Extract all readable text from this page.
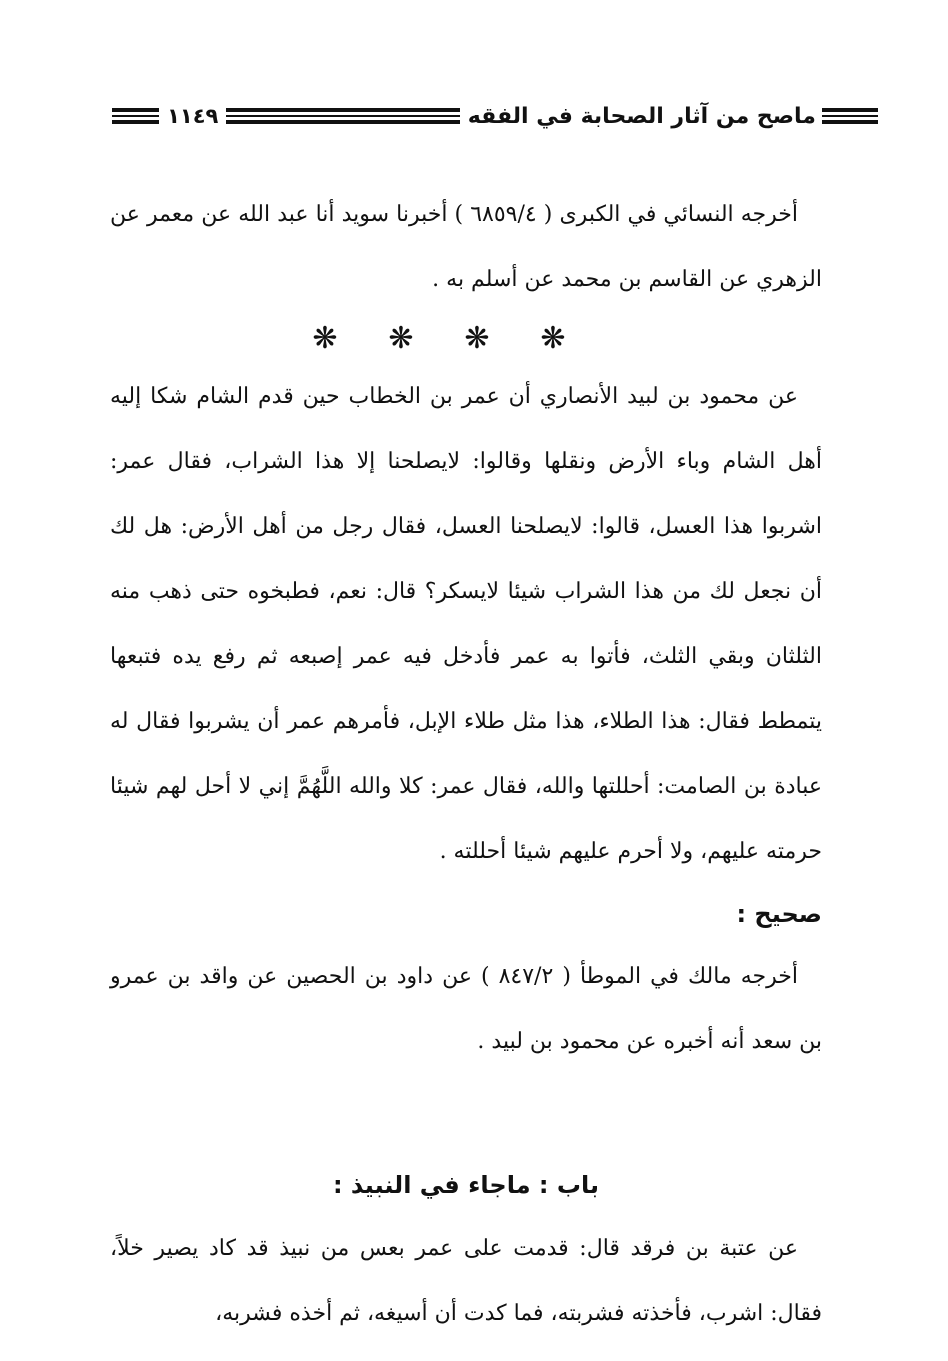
ماصح من آثار الصحابة في الفقه
١١٤٩

أخرجه النسائي في الكبرى ( ٦٨٥٩/٤ ) أخبرنا سويد أنا عبد الله عن معمر عن الزهري عن القاسم بن محمد عن أسلم به .

❋
❋
❋
❋

عن محمود بن لبيد الأنصاري أن عمر بن الخطاب حين قدم الشام شكا إليه أهل الشام وباء الأرض ونقلها وقالوا: لايصلحنا إلا هذا الشراب، فقال عمر: اشربوا هذا العسل، قالوا: لايصلحنا العسل، فقال رجل من أهل الأرض: هل لك أن نجعل لك من هذا الشراب شيئا لايسكر؟ قال: نعم، فطبخوه حتى ذهب منه الثلثان وبقي الثلث، فأتوا به عمر فأدخل فيه عمر إصبعه ثم رفع يده فتبعها يتمطط فقال: هذا الطلاء، هذا مثل طلاء الإبل، فأمرهم عمر أن يشربوا فقال له عبادة بن الصامت: أحللتها والله، فقال عمر: كلا والله اللَّهُمَّ إني لا أحل لهم شيئا حرمته عليهم، ولا أحرم عليهم شيئا أحللته .

صحيح :

أخرجه مالك في الموطأ ( ٨٤٧/٢ ) عن داود بن الحصين عن واقد بن عمرو بن سعد أنه أخبره عن محمود بن لبيد .

باب : ماجاء في النبيذ :

عن عتبة بن فرقد قال: قدمت على عمر بعس من نبيذ قد كاد يصير خلاً، فقال: اشرب، فأخذته فشربته، فما كدت أن أسيغه، ثم أخذه فشربه،
